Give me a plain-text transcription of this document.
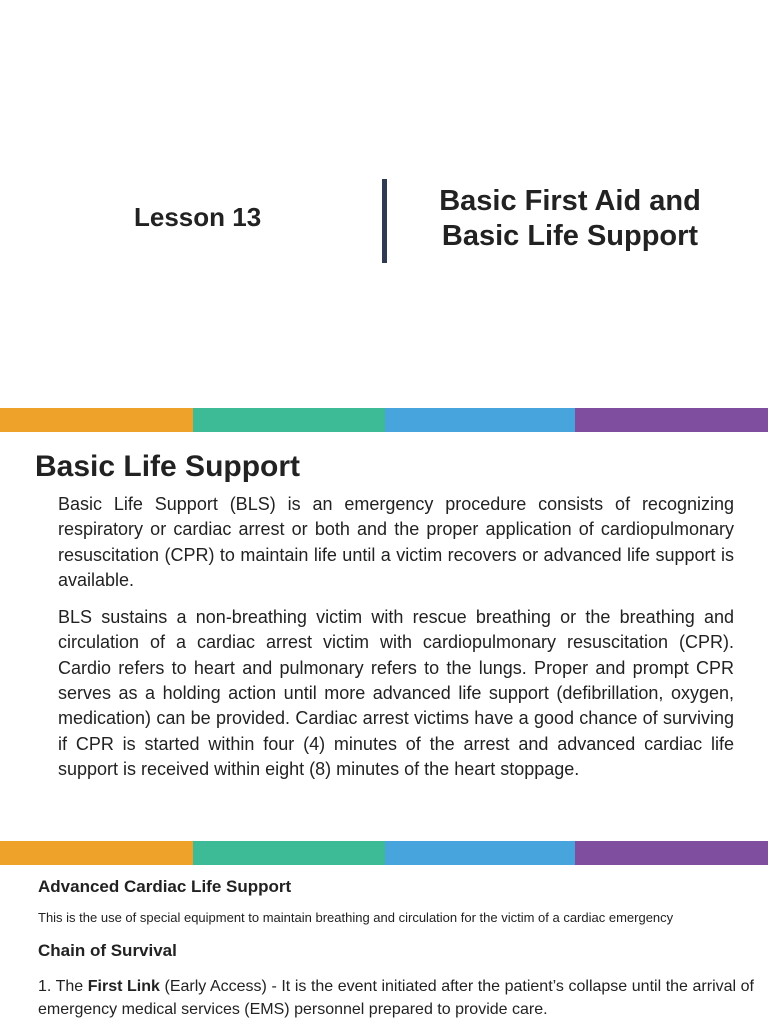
Lesson 13	Basic First Aid and
Basic Life Support
Basic Life Support

Basic Life Support (BLS) is an emergency procedure consists of recognizing respiratory or cardiac arrest or both and the proper application of cardiopulmonary resuscitation (CPR) to maintain life until a victim recovers or advanced life support is available.

BLS sustains a non-breathing victim with rescue breathing or the breathing and circulation of a cardiac arrest victim with cardiopulmonary resuscitation (CPR). Cardio refers to heart and pulmonary refers to the lungs. Proper and prompt CPR serves as a holding action until more advanced life support (defibrillation, oxygen, medication) can be provided. Cardiac arrest victims have a good chance of surviving if CPR is started within four (4) minutes of the arrest and advanced cardiac life support is received within eight (8) minutes of the heart stoppage.

Advanced Cardiac Life Support
This is the use of special equipment to maintain breathing and circulation for the victim of a cardiac emergency
Chain of Survival
1. The First Link (Early Access) - It is the event initiated after the patient’s collapse until the arrival of emergency medical services (EMS) personnel prepared to provide care.
